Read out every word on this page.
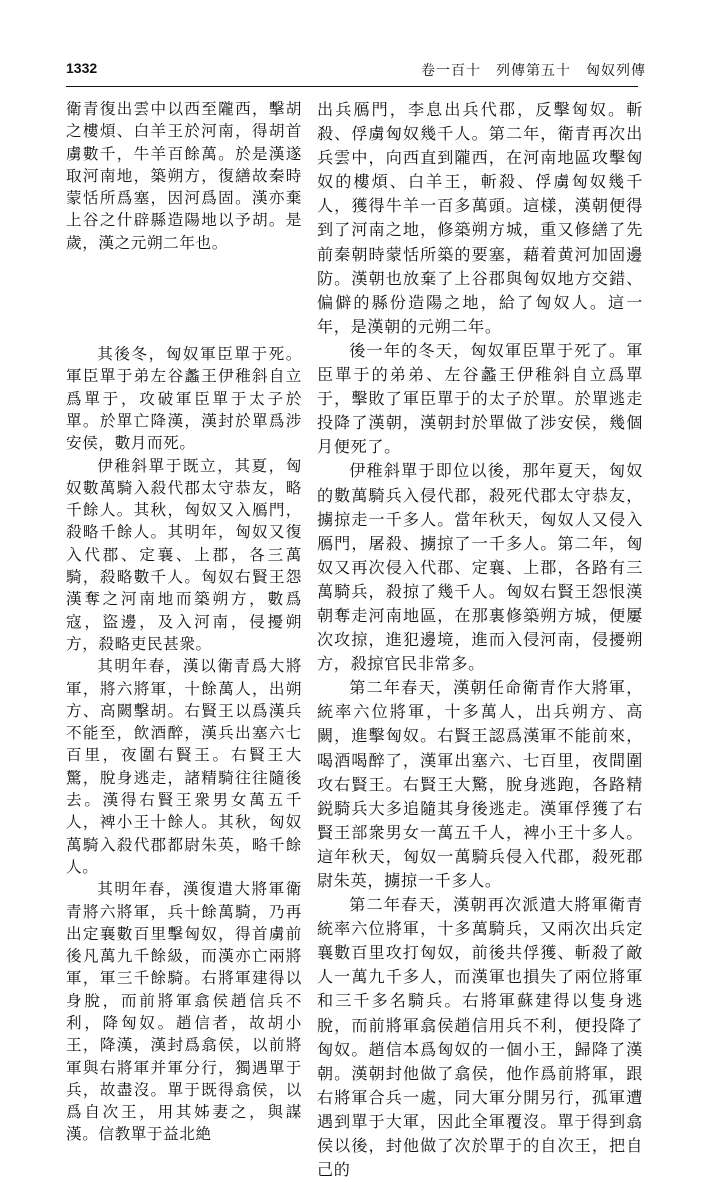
1332	卷一百十　列傳第五十　匈奴列傳

衛青復出雲中以西至隴西，擊胡之樓煩、白羊王於河南，得胡首虜數千，牛羊百餘萬。於是漢遂取河南地，築朔方，復繕故秦時蒙恬所爲塞，因河爲固。漢亦棄上谷之什辟縣造陽地以予胡。是歲，漢之元朔二年也。

其後冬，匈奴軍臣單于死。軍臣單于弟左谷蠡王伊稚斜自立爲單于，攻破軍臣單于太子於單。於單亡降漢，漢封於單爲涉安侯，數月而死。

伊稚斜單于既立，其夏，匈奴數萬騎入殺代郡太守恭友，略千餘人。其秋，匈奴又入鴈門，殺略千餘人。其明年，匈奴又復入代郡、定襄、上郡，各三萬騎，殺略數千人。匈奴右賢王怨漢奪之河南地而築朔方，數爲寇，盜邊，及入河南，侵擾朔方，殺略吏民甚衆。

其明年春，漢以衛青爲大將軍，將六將軍，十餘萬人，出朔方、高闕擊胡。右賢王以爲漢兵不能至，飲酒醉，漢兵出塞六七百里，夜圍右賢王。右賢王大驚，脫身逃走，諸精騎往往隨後去。漢得右賢王衆男女萬五千人，裨小王十餘人。其秋，匈奴萬騎入殺代郡都尉朱英，略千餘人。

其明年春，漢復遣大將軍衛青將六將軍，兵十餘萬騎，乃再出定襄數百里擊匈奴，得首虜前後凡萬九千餘級，而漢亦亡兩將軍，軍三千餘騎。右將軍建得以身脫，而前將軍翕侯趙信兵不利，降匈奴。趙信者，故胡小王，降漢，漢封爲翕侯，以前將軍與右將軍并軍分行，獨遇單于兵，故盡沒。單于既得翕侯，以爲自次王，用其姊妻之，與謀漢。信教單于益北絶

出兵鴈門，李息出兵代郡，反擊匈奴。斬殺、俘虜匈奴幾千人。第二年，衛青再次出兵雲中，向西直到隴西，在河南地區攻擊匈奴的樓煩、白羊王，斬殺、俘虜匈奴幾千人，獲得牛羊一百多萬頭。這樣，漢朝便得到了河南之地，修築朔方城，重又修繕了先前秦朝時蒙恬所築的要塞，藉着黄河加固邊防。漢朝也放棄了上谷郡與匈奴地方交錯、偏僻的縣份造陽之地，給了匈奴人。這一年，是漢朝的元朔二年。

後一年的冬天，匈奴軍臣單于死了。軍臣單于的弟弟、左谷蠡王伊稚斜自立爲單于，擊敗了軍臣單于的太子於單。於單逃走投降了漢朝，漢朝封於單做了涉安侯，幾個月便死了。

伊稚斜單于即位以後，那年夏天，匈奴的數萬騎兵入侵代郡，殺死代郡太守恭友，擄掠走一千多人。當年秋天，匈奴人又侵入鴈門，屠殺、擄掠了一千多人。第二年，匈奴又再次侵入代郡、定襄、上郡，各路有三萬騎兵，殺掠了幾千人。匈奴右賢王怨恨漢朝奪走河南地區，在那裏修築朔方城，便屢次攻掠，進犯邊境，進而入侵河南，侵擾朔方，殺掠官民非常多。

第二年春天，漢朝任命衛青作大將軍，統率六位將軍，十多萬人，出兵朔方、高闕，進擊匈奴。右賢王認爲漢軍不能前來，喝酒喝醉了，漢軍出塞六、七百里，夜間圍攻右賢王。右賢王大驚，脫身逃跑，各路精鋭騎兵大多追隨其身後逃走。漢軍俘獲了右賢王部衆男女一萬五千人，裨小王十多人。這年秋天，匈奴一萬騎兵侵入代郡，殺死郡尉朱英，擄掠一千多人。

第二年春天，漢朝再次派遣大將軍衛青統率六位將軍，十多萬騎兵，又兩次出兵定襄數百里攻打匈奴，前後共俘獲、斬殺了敵人一萬九千多人，而漢軍也損失了兩位將軍和三千多名騎兵。右將軍蘇建得以隻身逃脫，而前將軍翕侯趙信用兵不利，便投降了匈奴。趙信本爲匈奴的一個小王，歸降了漢朝。漢朝封他做了翕侯，他作爲前將軍，跟右將軍合兵一處，同大軍分開另行，孤軍遭遇到單于大軍，因此全軍覆沒。單于得到翕侯以後，封他做了次於單于的自次王，把自己的
